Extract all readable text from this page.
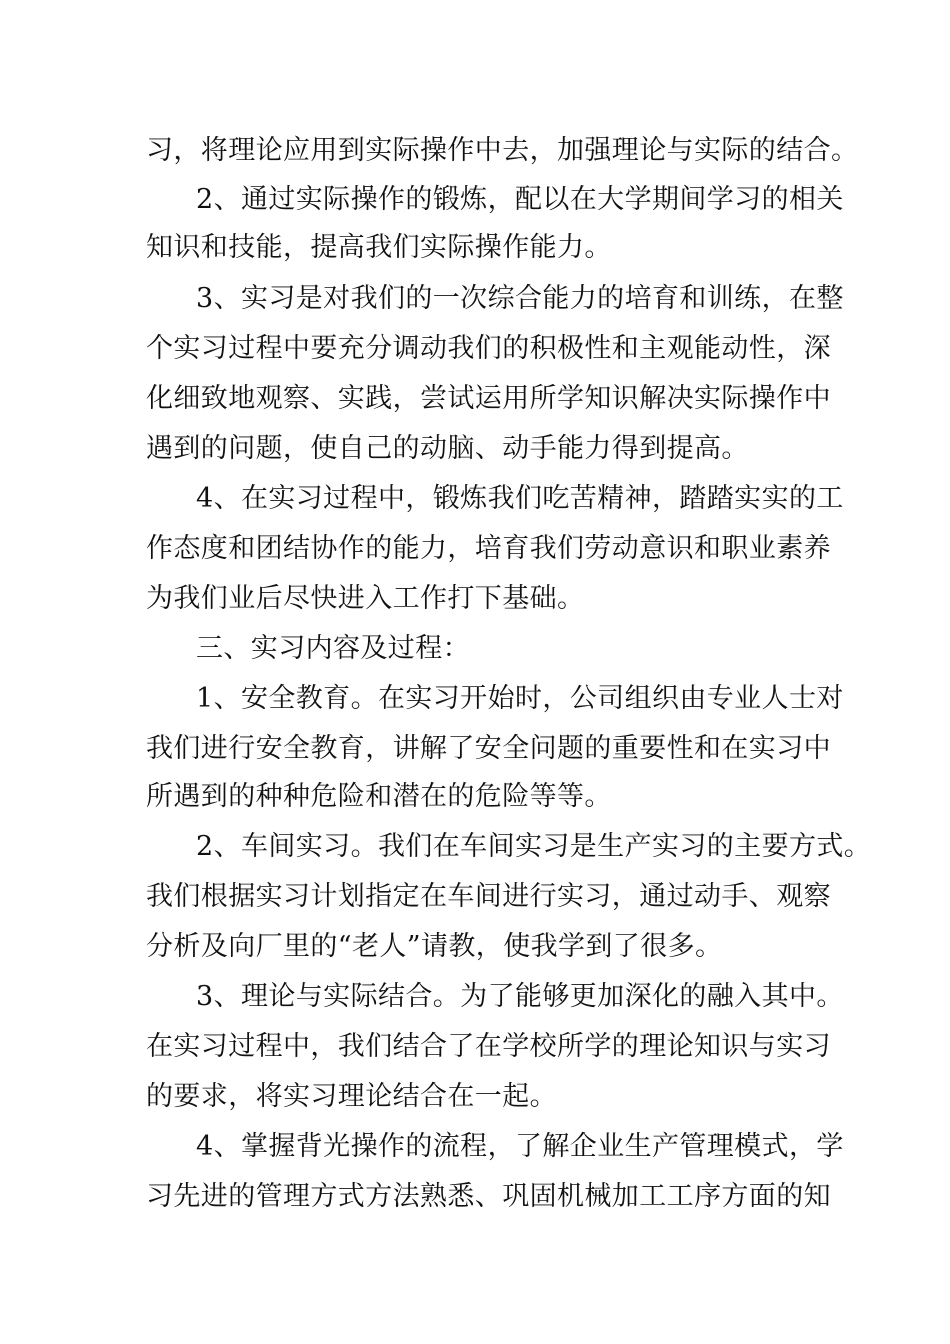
习，将理论应用到实际操作中去，加强理论与实际的结合。
2、通过实际操作的锻炼，配以在大学期间学习的相关
知识和技能，提高我们实际操作能力。
3、实习是对我们的一次综合能力的培育和训练，在整
个实习过程中要充分调动我们的积极性和主观能动性，深
化细致地观察、实践，尝试运用所学知识解决实际操作中
遇到的问题，使自己的动脑、动手能力得到提高。
4、在实习过程中，锻炼我们吃苦精神，踏踏实实的工
作态度和团结协作的能力，培育我们劳动意识和职业素养
为我们业后尽快进入工作打下基础。
三、实习内容及过程：
1、安全教育。在实习开始时，公司组织由专业人士对
我们进行安全教育，讲解了安全问题的重要性和在实习中
所遇到的种种危险和潜在的危险等等。
2、车间实习。我们在车间实习是生产实习的主要方式。
我们根据实习计划指定在车间进行实习，通过动手、观察
分析及向厂里的“老人”请教，使我学到了很多。
3、理论与实际结合。为了能够更加深化的融入其中。
在实习过程中，我们结合了在学校所学的理论知识与实习
的要求，将实习理论结合在一起。
4、掌握背光操作的流程，了解企业生产管理模式，学
习先进的管理方式方法熟悉、巩固机械加工工序方面的知
